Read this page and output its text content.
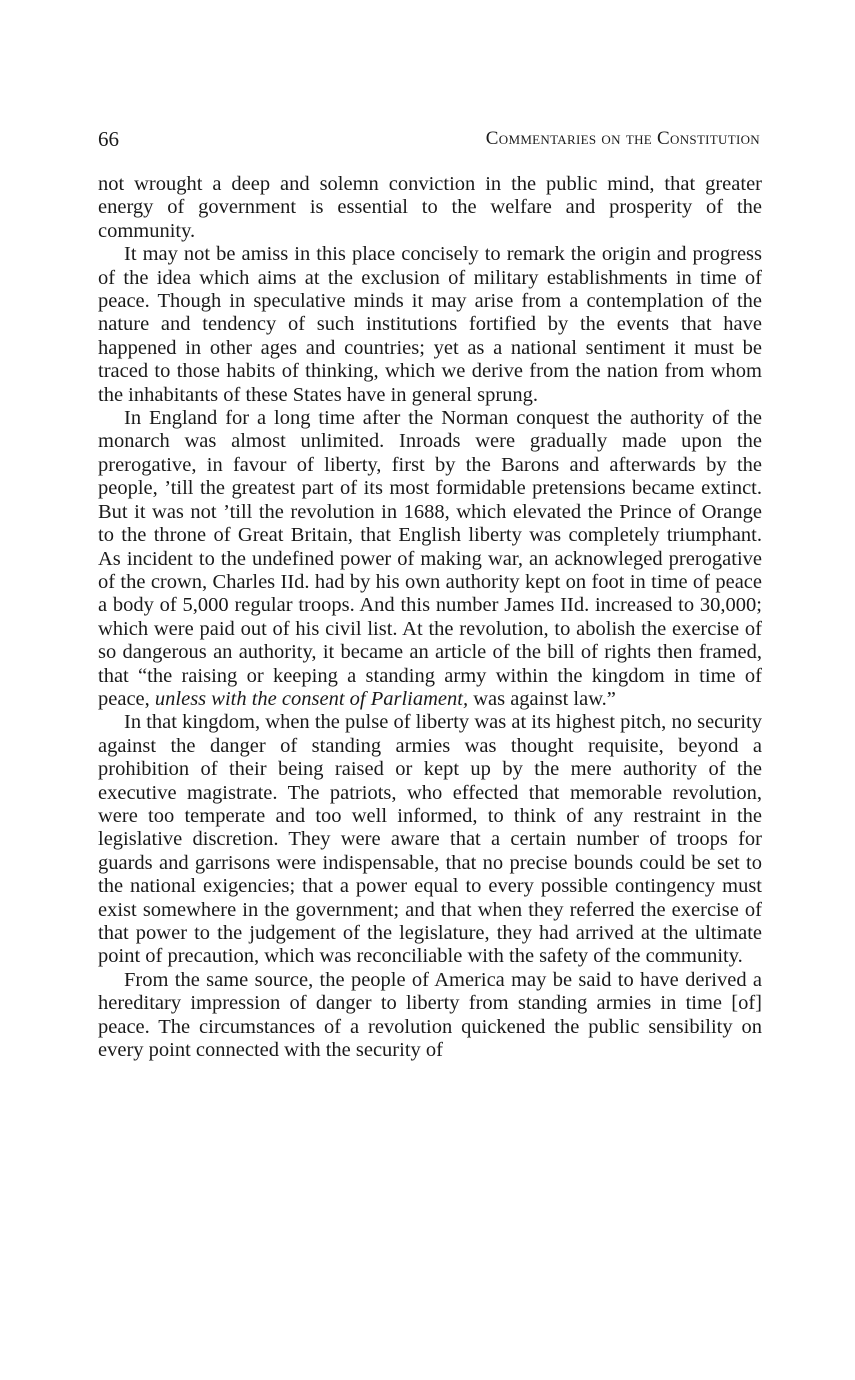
66	Commentaries on the Constitution

not wrought a deep and solemn conviction in the public mind, that greater energy of government is essential to the welfare and prosperity of the community.

It may not be amiss in this place concisely to remark the origin and progress of the idea which aims at the exclusion of military establishments in time of peace. Though in speculative minds it may arise from a contemplation of the nature and tendency of such institutions fortified by the events that have happened in other ages and countries; yet as a national sentiment it must be traced to those habits of thinking, which we derive from the nation from whom the inhabitants of these States have in general sprung.

In England for a long time after the Norman conquest the authority of the monarch was almost unlimited. Inroads were gradually made upon the prerogative, in favour of liberty, first by the Barons and afterwards by the people, ’till the greatest part of its most formidable pretensions became extinct. But it was not ’till the revolution in 1688, which elevated the Prince of Orange to the throne of Great Britain, that English liberty was completely triumphant. As incident to the undefined power of making war, an acknowleged prerogative of the crown, Charles IId. had by his own authority kept on foot in time of peace a body of 5,000 regular troops. And this number James IId. increased to 30,000; which were paid out of his civil list. At the revolution, to abolish the exercise of so dangerous an authority, it became an article of the bill of rights then framed, that “the raising or keeping a standing army within the kingdom in time of peace, unless with the consent of Parliament, was against law.”

In that kingdom, when the pulse of liberty was at its highest pitch, no security against the danger of standing armies was thought requisite, beyond a prohibition of their being raised or kept up by the mere authority of the executive magistrate. The patriots, who effected that memorable revolution, were too temperate and too well informed, to think of any restraint in the legislative discretion. They were aware that a certain number of troops for guards and garrisons were indispensable, that no precise bounds could be set to the national exigencies; that a power equal to every possible contingency must exist somewhere in the government; and that when they referred the exercise of that power to the judgement of the legislature, they had arrived at the ultimate point of precaution, which was reconciliable with the safety of the community.

From the same source, the people of America may be said to have derived a hereditary impression of danger to liberty from standing armies in time [of] peace. The circumstances of a revolution quickened the public sensibility on every point connected with the security of
